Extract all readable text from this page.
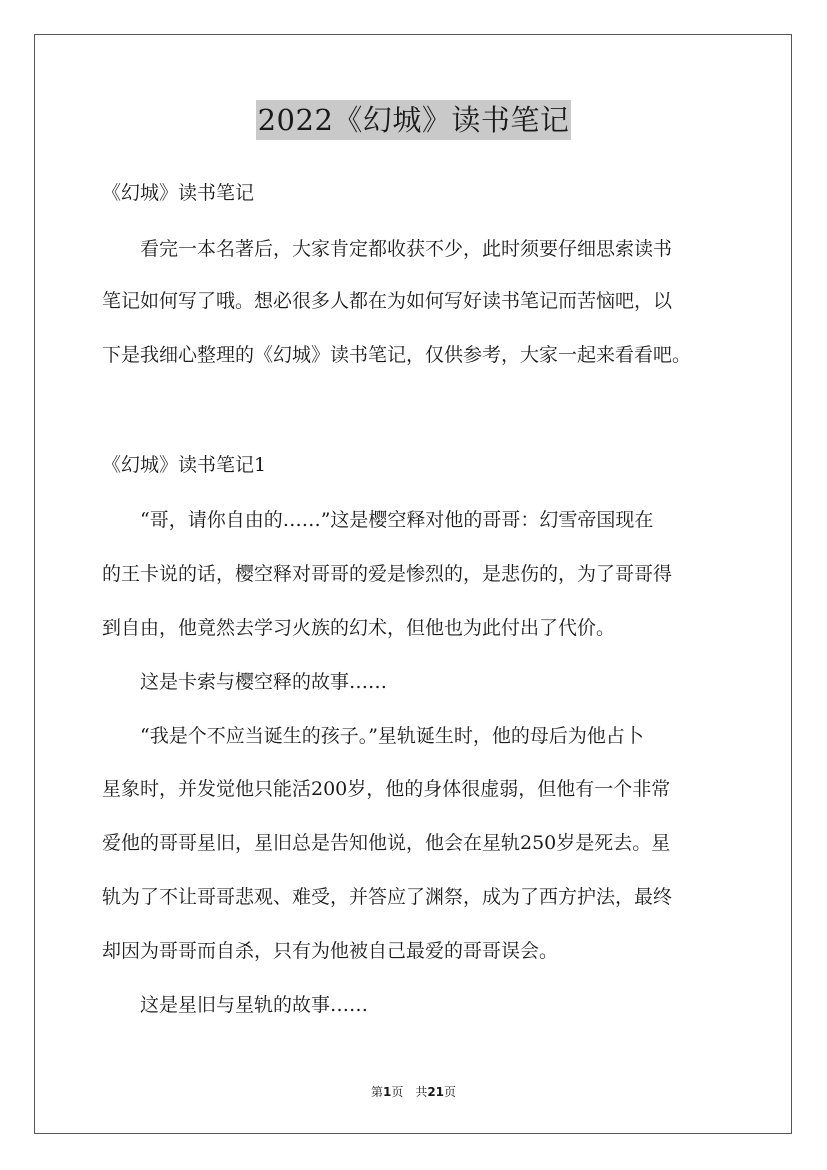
2022《幻城》读书笔记
《幻城》读书笔记
　　看完一本名著后，大家肯定都收获不少，此时须要仔细思索读书
笔记如何写了哦。想必很多人都在为如何写好读书笔记而苦恼吧，以
下是我细心整理的《幻城》读书笔记，仅供参考，大家一起来看看吧。
《幻城》读书笔记1
　　“哥，请你自由的……”这是樱空释对他的哥哥：幻雪帝国现在
的王卡说的话，樱空释对哥哥的爱是惨烈的，是悲伤的，为了哥哥得
到自由，他竟然去学习火族的幻术，但他也为此付出了代价。
　　这是卡索与樱空释的故事……
　　“我是个不应当诞生的孩子。”星轨诞生时，他的母后为他占卜
星象时，并发觉他只能活200岁，他的身体很虚弱，但他有一个非常
爱他的哥哥星旧，星旧总是告知他说，他会在星轨250岁是死去。星
轨为了不让哥哥悲观、难受，并答应了渊祭，成为了西方护法，最终
却因为哥哥而自杀，只有为他被自己最爱的哥哥误会。
　　这是星旧与星轨的故事……
第1页　共21页
